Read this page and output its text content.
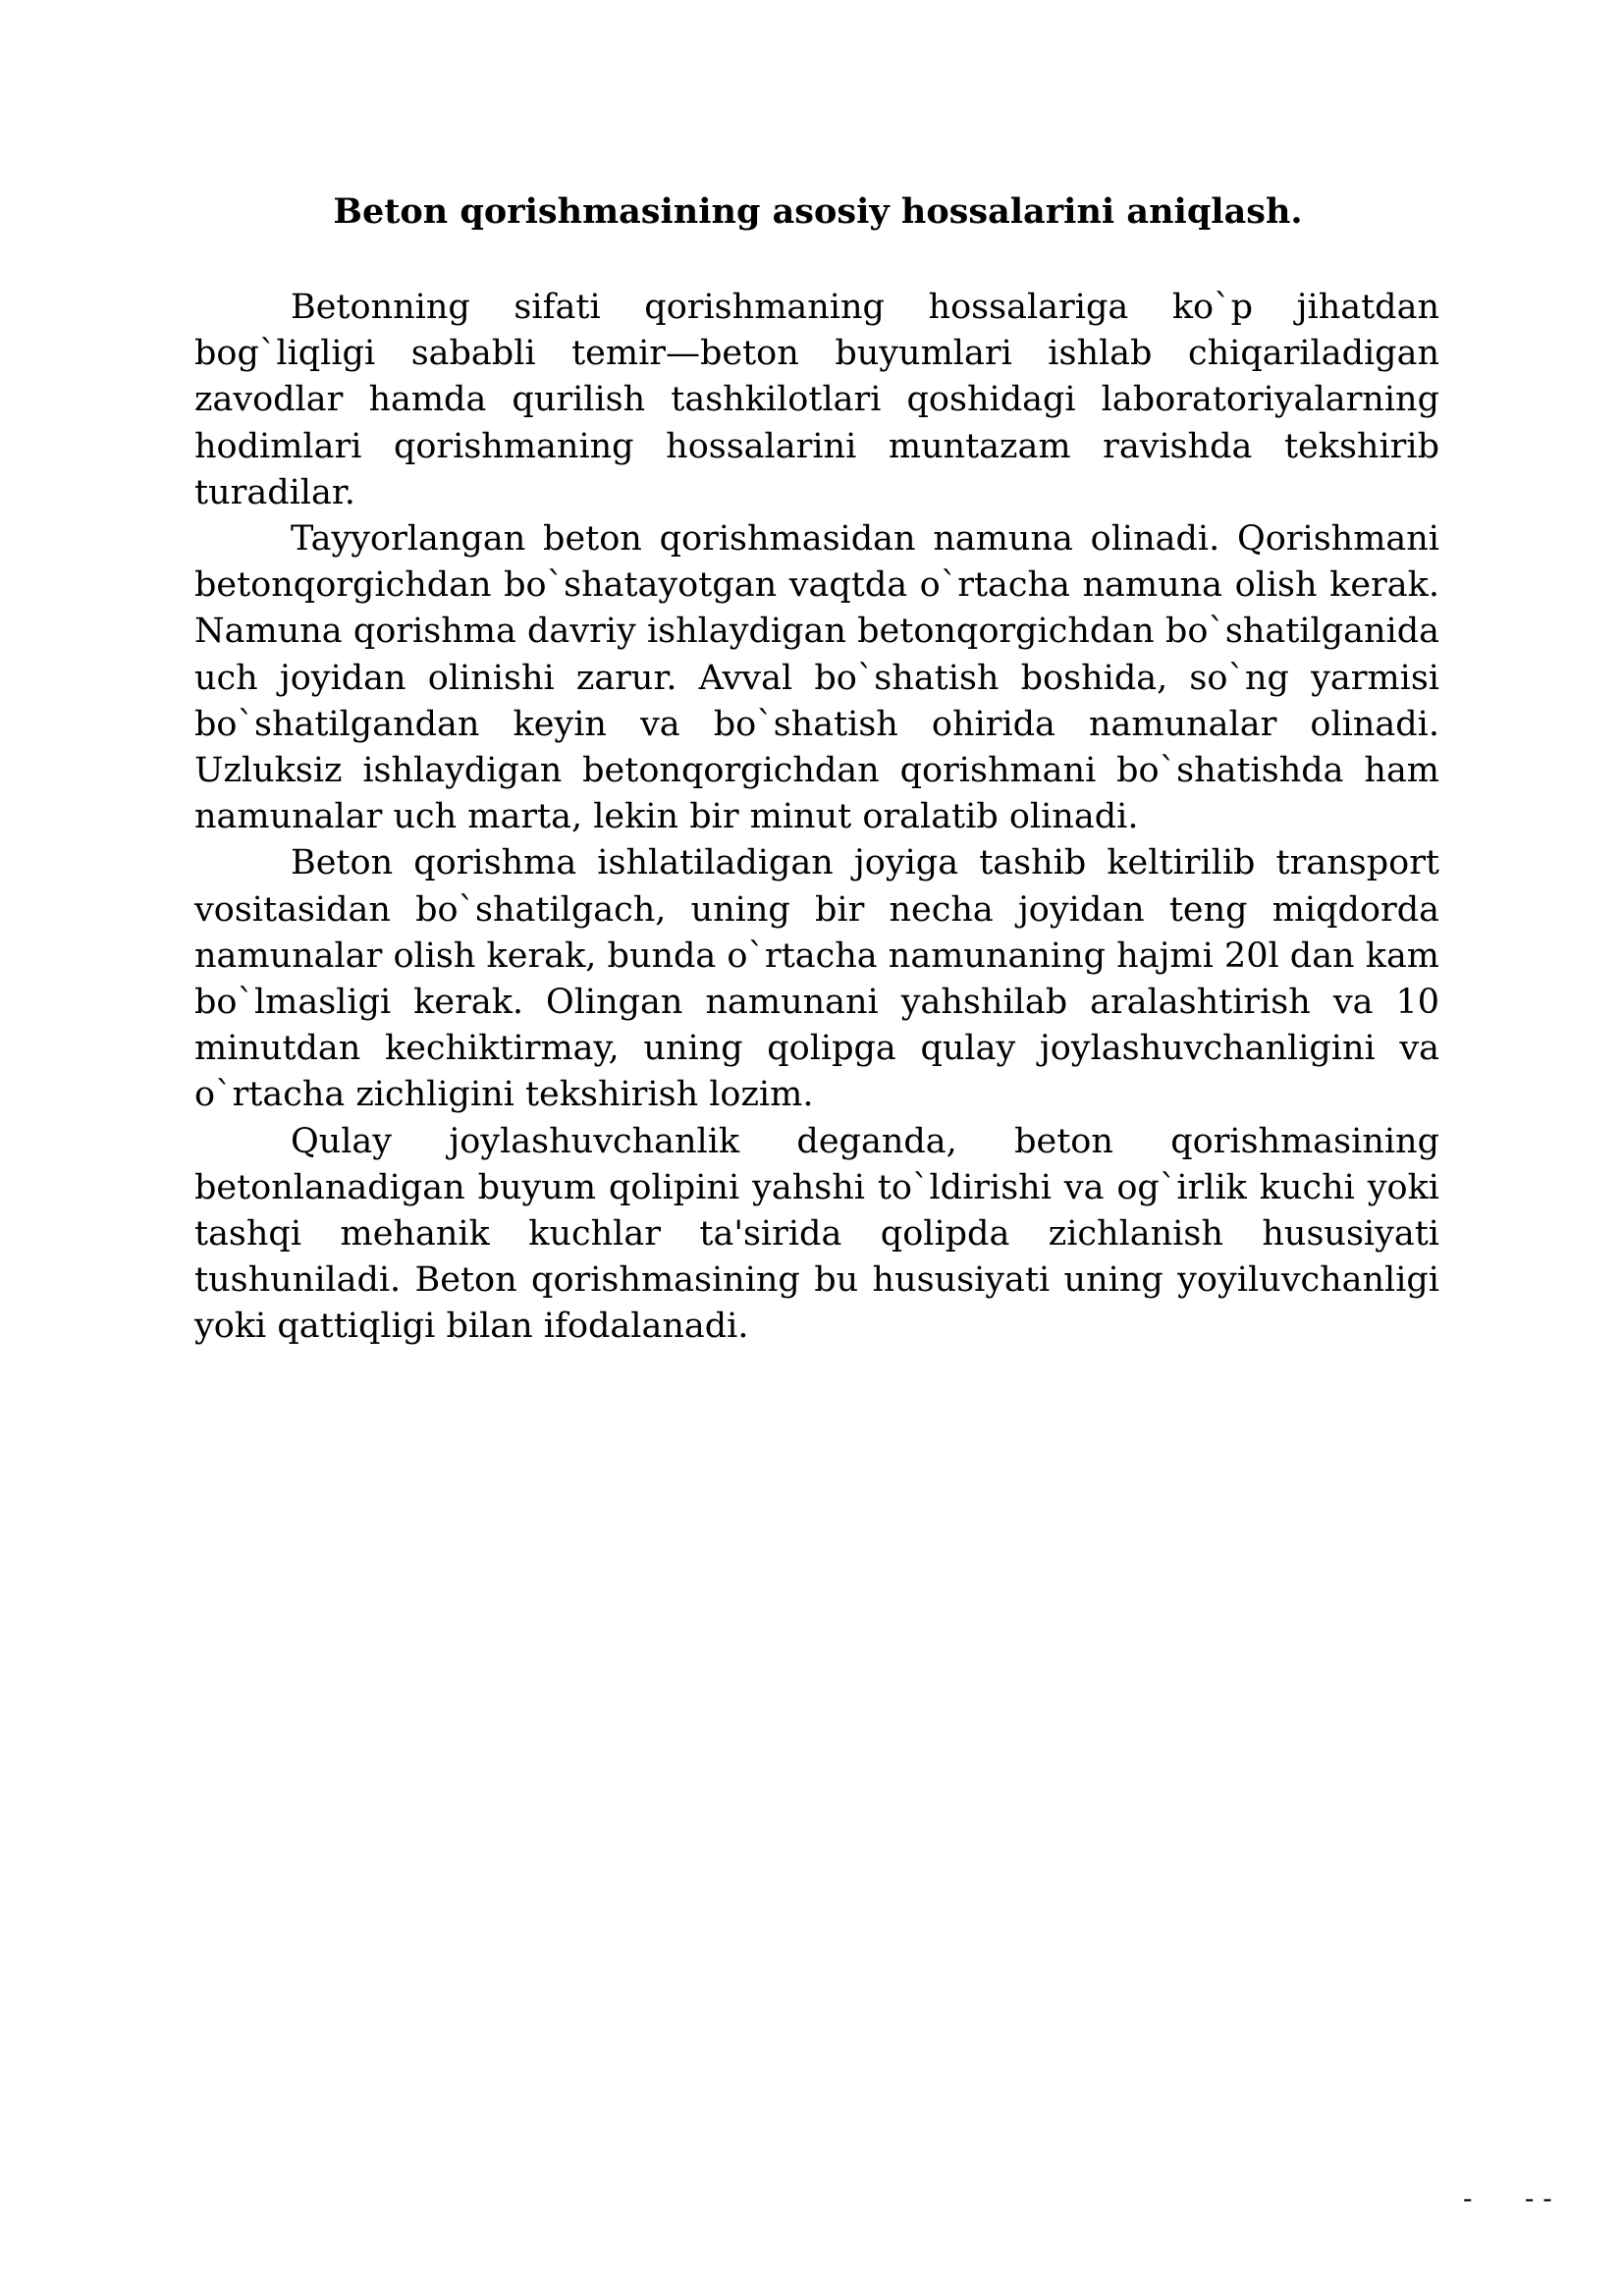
Beton qorishmasining asosiy hossalarini aniqlash.

Betonning sifati qorishmaning hossalariga ko`p jihatdan bog`liqligi sababli temir—beton buyumlari ishlab chiqariladigan zavodlar hamda qurilish tashkilotlari qoshidagi laboratoriyalarning hodimlari qorishmaning hossalarini muntazam ravishda tekshirib turadilar.

Tayyorlangan beton qorishmasidan namuna olinadi. Qorishmani betonqorgichdan bo`shatayotgan vaqtda o`rtacha namuna olish kerak. Namuna qorishma davriy ishlaydigan betonqorgichdan bo`shatilganida uch joyidan olinishi zarur. Avval bo`shatish boshida, so`ng yarmisi bo`shatilgandan keyin va bo`shatish ohirida namunalar olinadi. Uzluksiz ishlaydigan betonqorgichdan qorishmani bo`shatishda ham namunalar uch marta, lekin bir minut oralatib olinadi.

Beton qorishma ishlatiladigan joyiga tashib keltirilib transport vositasidan bo`shatilgach, uning bir necha joyidan teng miqdorda namunalar olish kerak, bunda o`rtacha namunaning hajmi 20l dan kam bo`lmasligi kerak. Olingan namunani yahshilab aralashtirish va 10 minutdan kechiktirmay, uning qolipga qulay joylashuvchanligini va o`rtacha zichligini tekshirish lozim.

Qulay joylashuvchanlik deganda, beton qorishmasining betonlanadigan buyum qolipini yahshi to`ldirishi va og`irlik kuchi yoki tashqi mehanik kuchlar ta'sirida qolipda zichlanish hususiyati tushuniladi. Beton qorishmasining bu hususiyati uning yoyiluvchanligi yoki qattiqligi bilan ifodalanadi.

-      - -
